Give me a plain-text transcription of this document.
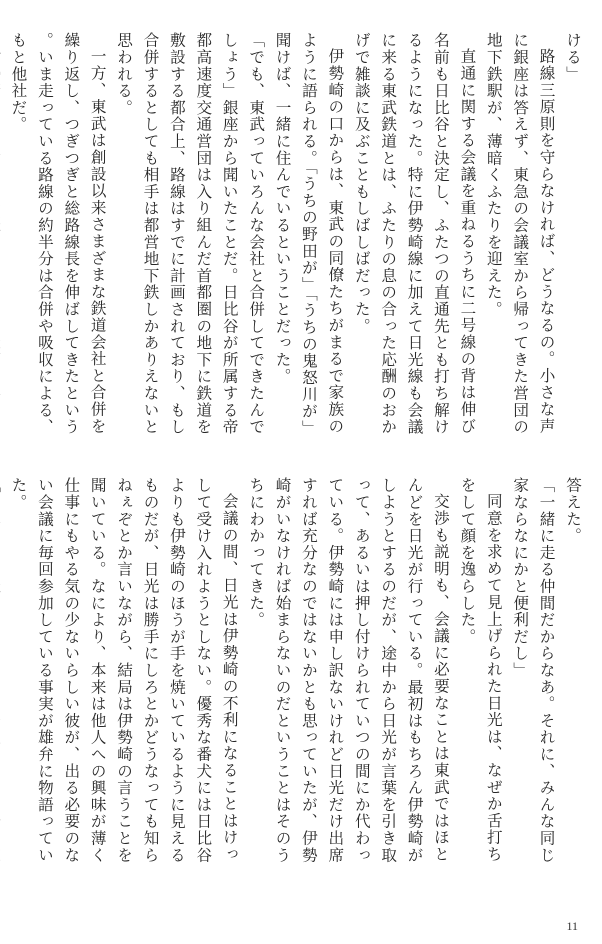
ける」

路線三原則を守らなければ、どうなるの。小さな声に銀座は答えず、東急の会議室から帰ってきた営団の地下鉄駅が、薄暗くふたりを迎えた。

直通に関する会議を重ねるうちに二号線の背は伸び名前も日比谷と決定し、ふたつの直通先とも打ち解けるようになった。特に伊勢崎線に加えて日光線も会議に来る東武鉄道とは、ふたりの息の合った応酬のおかげで雑談に及ぶこともしばしばだった。

伊勢崎の口からは、東武の同僚たちがまるで家族のように語られる。「うちの野田が」「うちの鬼怒川が」聞けば、一緒に住んでいるということだった。

「でも、東武っていろんな会社と合併してできたんでしょう」銀座から聞いたことだ。日比谷が所属する帝都高速度交通営団は入り組んだ首都圏の地下に鉄道を敷設する都合上、路線はすでに計画されており、もし合併するとしても相手は都営地下鉄しかありえないと思われる。

一方、東武は創設以来さまざまな鉄道会社と合併を繰り返し、つぎつぎと総路線長を伸ばしてきたという。いま走っている路線の約半分は合併や吸収による、もと他社だ。

答えた。

「一緒に走る仲間だからなあ。それに、みんな同じ家ならなにかと便利だし」

同意を求めて見上げられた日光は、なぜか舌打ちをして顔を逸らした。

交渉も説明も、会議に必要なことは東武ではほとんどを日光が行っている。最初はもちろん伊勢崎がしようとするのだが、途中から日光が言葉を引き取って、あるいは押し付けられていつの間にか代わっている。伊勢崎には申し訳ないけれど日光だけ出席すれば充分なのではないかとも思っていたが、伊勢崎がいなければ始まらないのだということはそのうちにわかってきた。

会議の間、日光は伊勢崎の不利になることはけっして受け入れようとしない。優秀な番犬には日比谷よりも伊勢崎のほうが手を焼いているように見えるものだが、日光は勝手にしろとかどうなっても知らねぇぞとか言いながら、結局は伊勢崎の言うことを聞いている。なにより、本来は他人への興味が薄く仕事にもやる気の少ないらしい彼が、出る必要のない会議に毎回参加している事実が雄弁に物語っていた。

11
